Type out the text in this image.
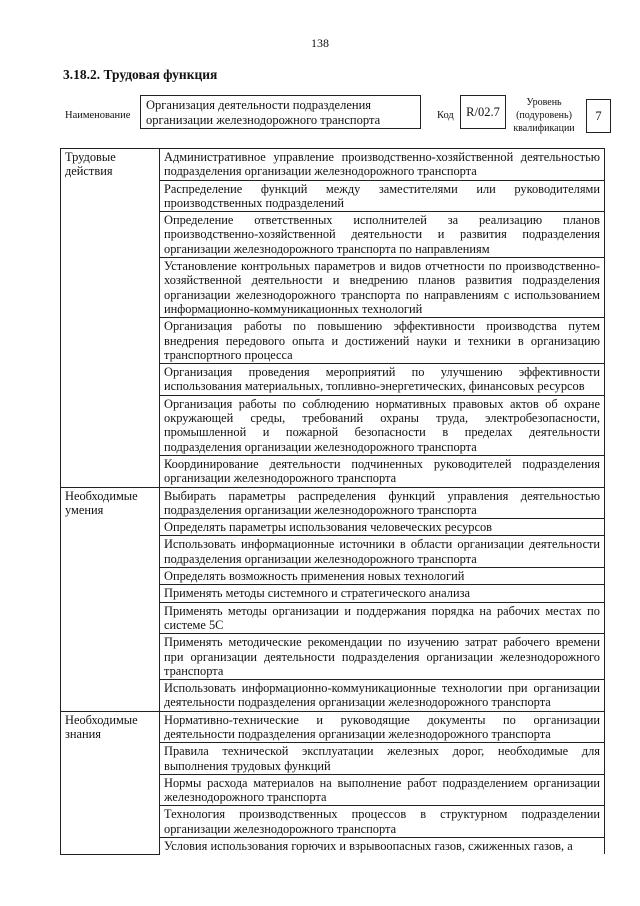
138
3.18.2. Трудовая функция
Наименование
Организация деятельности подразделения организации железнодорожного транспорта	Код R/02.7
Уровень (подуровень) квалификации
7
Трудовые действия	Административное управление производственно-хозяйственной деятельностью подразделения организации железнодорожного транспорта
	Распределение функций между заместителями или руководителями производственных подразделений
	Определение ответственных исполнителей за реализацию планов производственно-хозяйственной деятельности и развития подразделения организации железнодорожного транспорта по направлениям
	Установление контрольных параметров и видов отчетности по производственно-хозяйственной деятельности и внедрению планов развития подразделения организации железнодорожного транспорта по направлениям с использованием информационно-коммуникационных технологий
	Организация работы по повышению эффективности производства путем внедрения передового опыта и достижений науки и техники в организацию транспортного процесса
	Организация проведения мероприятий по улучшению эффективности использования материальных, топливно-энергетических, финансовых ресурсов
	Организация работы по соблюдению нормативных правовых актов об охране окружающей среды, требований охраны труда, электробезопасности, промышленной и пожарной безопасности в пределах деятельности подразделения организации железнодорожного транспорта
	Координирование деятельности подчиненных руководителей подразделения организации железнодорожного транспорта
Необходимые умения	Выбирать параметры распределения функций управления деятельностью подразделения организации железнодорожного транспорта
	Определять параметры использования человеческих ресурсов
	Использовать информационные источники в области организации деятельности подразделения организации железнодорожного транспорта
	Определять возможность применения новых технологий
	Применять методы системного и стратегического анализа
	Применять методы организации и поддержания порядка на рабочих местах по системе 5С
	Применять методические рекомендации по изучению затрат рабочего времени при организации деятельности подразделения организации железнодорожного транспорта
	Использовать информационно-коммуникационные технологии при организации деятельности подразделения организации железнодорожного транспорта
Необходимые знания	Нормативно-технические и руководящие документы по организации деятельности подразделения организации железнодорожного транспорта
	Правила технической эксплуатации железных дорог, необходимые для выполнения трудовых функций
	Нормы расхода материалов на выполнение работ подразделением организации железнодорожного транспорта
	Технология производственных процессов в структурном подразделении организации железнодорожного транспорта
	Условия использования горючих и взрывоопасных газов, сжиженных газов, а
